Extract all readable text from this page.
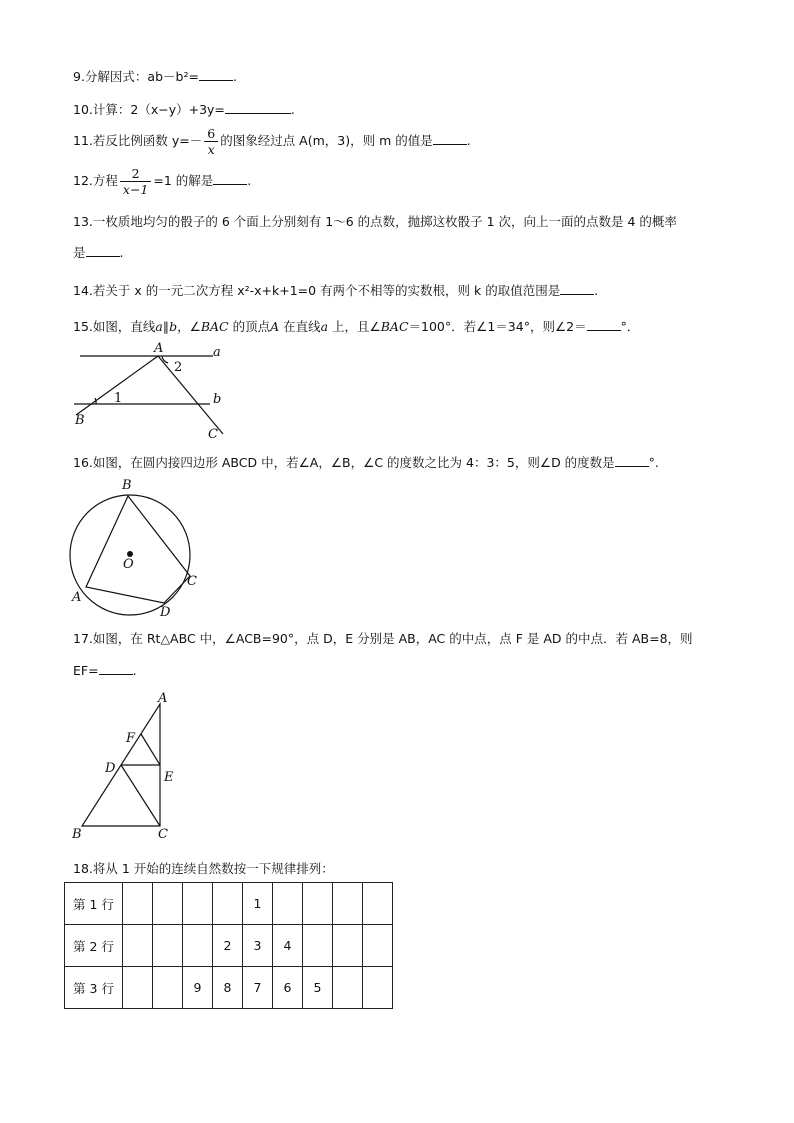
9.分解因式：ab－b²=	.
10.计算：2（x−y）+3y=	.
11.若反比例函数 $y=- \frac{6}{x}$ 的图象经过点 A(m，3)，则 m 的值是	.
12.方程 $\frac{2}{x-1} =1$ 的解是	.
13.一枚质地均匀的骰子的 6 个面上分别刻有 1～6 的点数，抛掷这枚骰子 1 次，向上一面的点数是 4 的概率
是	.
14.若关于 x 的一元二次方程 x²-x+k+1=0 有两个不相等的实数根，则 k 的取值范围是	.
15.如图，直线a∥b，∠BAC 的顶点A 在直线a 上，且∠BAC＝100°．若∠1＝34°，则∠2＝	°．
A	a
b
B
C
1
2
16.如图，在圆内接四边形 ABCD 中，若∠A，∠B，∠C 的度数之比为 4：3：5，则∠D 的度数是	°.
B
O
C
D
A
17.如图，在 Rt△ABC 中，∠ACB=90°，点 D，E 分别是 AB，AC 的中点，点 F 是 AD 的中点．若 AB=8，则
EF=	.
A
F
D
E
B	C
18.将从 1 开始的连续自然数按一下规律排列：
第 1 行					1				
第 2 行				2	3	4			
第 3 行			9	8	7	6	5		
